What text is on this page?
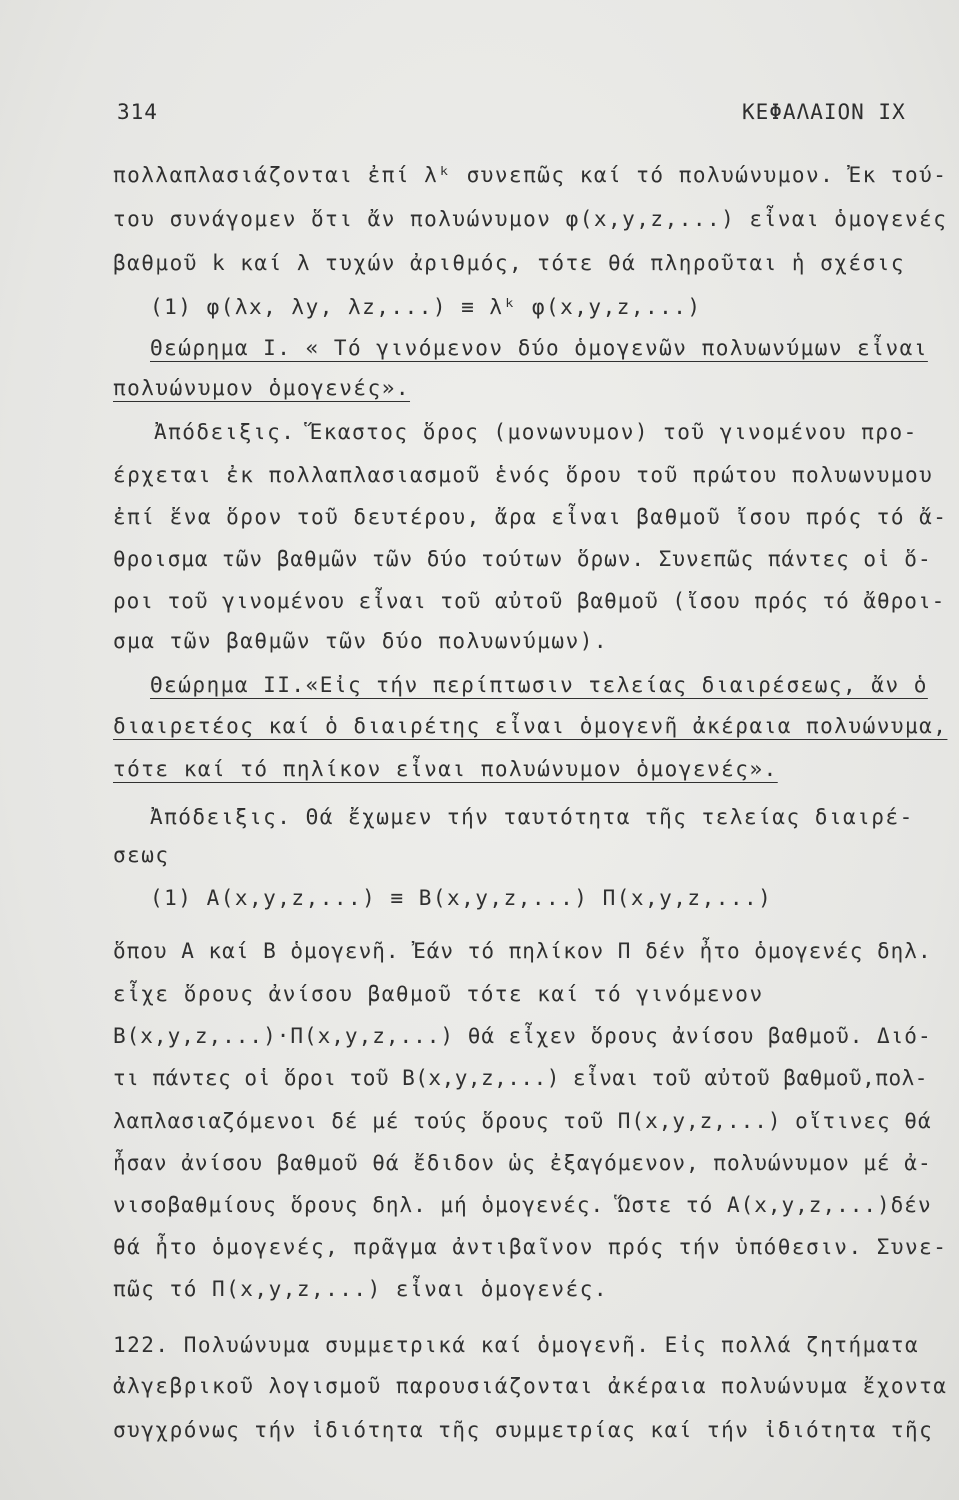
314	ΚΕΦΑΛΑΙΟΝ IX
πολλαπλασιάζονται ἐπί λᵏ συνεπῶς καί τό πολυώνυμον. Ἐκ τού-
του συνάγομεν ὅτι ἄν πολυώνυμον φ(x,y,z,...) εἶναι ὁμογενές
βαθμοῦ k καί λ τυχών ἀριθμός, τότε θά πληροῦται ἡ σχέσις
(1) φ(λx, λy, λz,...) ≡ λᵏ φ(x,y,z,...)
Θεώρημα I. « Τό γινόμενον δύο ὁμογενῶν πολυωνύμων εἶναι
πολυώνυμον ὁμογενές».
Ἀπόδειξις. Ἕκαστος ὅρος (μονωνυμον) τοῦ γινομένου προ-
έρχεται ἐκ πολλαπλασιασμοῦ ἑνός ὅρου τοῦ πρώτου πολυωνυμου
ἐπί ἕνα ὅρον τοῦ δευτέρου, ἄρα εἶναι βαθμοῦ ἴσου πρός τό ἄ-
θροισμα τῶν βαθμῶν τῶν δύο τούτων ὅρων. Συνεπῶς πάντες οἱ ὅ-
ροι τοῦ γινομένου εἶναι τοῦ αὐτοῦ βαθμοῦ (ἴσου πρός τό ἄθροι-
σμα τῶν βαθμῶν τῶν δύο πολυωνύμων).
Θεώρημα II.«Εἰς τήν περίπτωσιν τελείας διαιρέσεως, ἄν ὁ
διαιρετέος καί ὁ διαιρέτης εἶναι ὁμογενῆ ἀκέραια πολυώνυμα,
τότε καί τό πηλίκον εἶναι πολυώνυμον ὁμογενές».
Ἀπόδειξις. Θά ἔχωμεν τήν ταυτότητα τῆς τελείας διαιρέ-
σεως
(1) A(x,y,z,...) ≡ B(x,y,z,...) Π(x,y,z,...)
ὅπου A καί B ὁμογενῆ. Ἐάν τό πηλίκον Π δέν ἦτο ὁμογενές δηλ.
εἶχε ὅρους ἀνίσου βαθμοῦ τότε καί τό γινόμενον
B(x,y,z,...)·Π(x,y,z,...) θά εἶχεν ὅρους ἀνίσου βαθμοῦ. Διό-
τι πάντες οἱ ὅροι τοῦ B(x,y,z,...) εἶναι τοῦ αὐτοῦ βαθμοῦ,πολ-
λαπλασιαζόμενοι δέ μέ τούς ὅρους τοῦ Π(x,y,z,...) οἵτινες θά
ἦσαν ἀνίσου βαθμοῦ θά ἔδιδον ὡς ἐξαγόμενον, πολυώνυμον μέ ἀ-
νισοβαθμίους ὅρους δηλ. μή ὁμογενές. Ὥστε τό A(x,y,z,...)δέν
θά ἦτο ὁμογενές, πρᾶγμα ἀντιβαῖνον πρός τήν ὑπόθεσιν. Συνε-
πῶς τό Π(x,y,z,...) εἶναι ὁμογενές.
122. Πολυώνυμα συμμετρικά καί ὁμογενῆ. Εἰς πολλά ζητήματα
ἀλγεβρικοῦ λογισμοῦ παρουσιάζονται ἀκέραια πολυώνυμα ἔχοντα
συγχρόνως τήν ἰδιότητα τῆς συμμετρίας καί τήν ἰδιότητα τῆς
